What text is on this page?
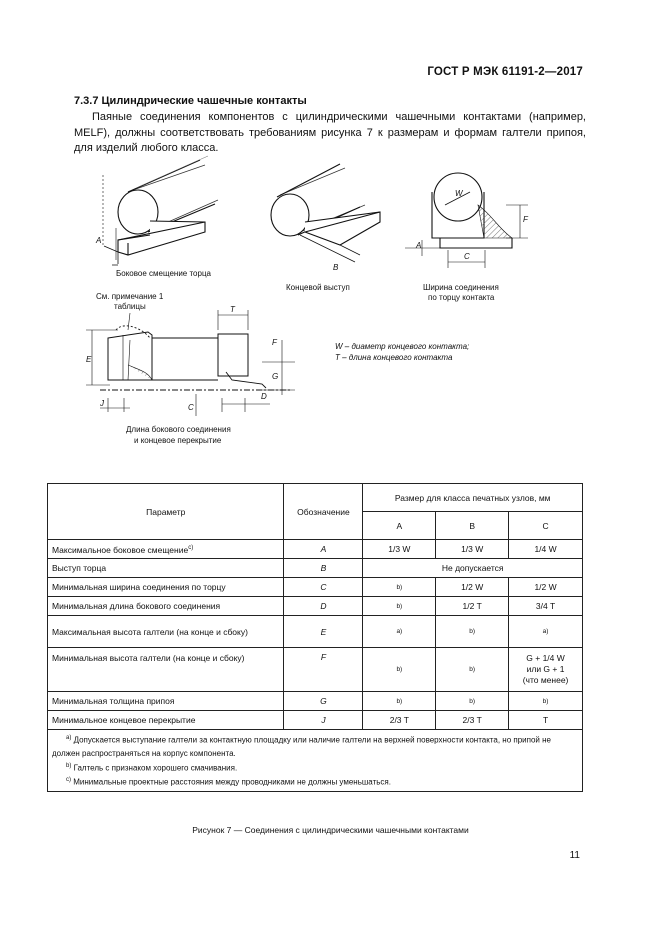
ГОСТ Р МЭК 61191-2—2017
7.3.7 Цилиндрические чашечные контакты
Паяные соединения компонентов с цилиндрическими чашечными контактами (например, MELF), должны соответствовать требованиям рисунка 7 к размерам и формам галтели припоя, для изделий любого класса.
A
B
W
F
A
C
E
T
F
G
J	C
D
Боковое смещение торца
Концевой выступ	Ширина соединения
по торцу контакта
См. примечание 1
таблицы
Длина бокового соединения
и концевое перекрытие
W – диаметр концевого контакта;
T – длина концевого контакта
Параметр	Обозначение	Размер для класса печатных узлов, мм		
		A	B	C
Максимальное боковое смещение$^{c)}$	A	1/3 W	1/3 W	1/4 W
Выступ торца	B	Не допускается		
Минимальная ширина соединения по торцу	C	b)	1/2 W	1/2 W
Минимальная длина бокового соединения	D	b)	1/2 T	3/4 T
Максимальная высота галтели (на конце и сбоку)	E	a)	b)	a)
Минимальная высота галтели (на конце и сбоку)	F	b)	b)	G + 1/4 W
или G + 1
(что менее)

Минимальная толщина припоя	G	b)	b)	b)
Минимальное концевое перекрытие	J	2/3 T	2/3 T	T

$^{a)}$ Допускается выступание галтели за контактную площадку или наличие галтели на верхней поверхности контакта, но припой не должен распространяться на корпус компонента.
$^{b)}$ Галтель с признаком хорошего смачивания.
$^{c)}$ Минимальные проектные расстояния между проводниками не должны уменьшаться.				
Рисунок 7 — Соединения с цилиндрическими чашечными контактами
11
